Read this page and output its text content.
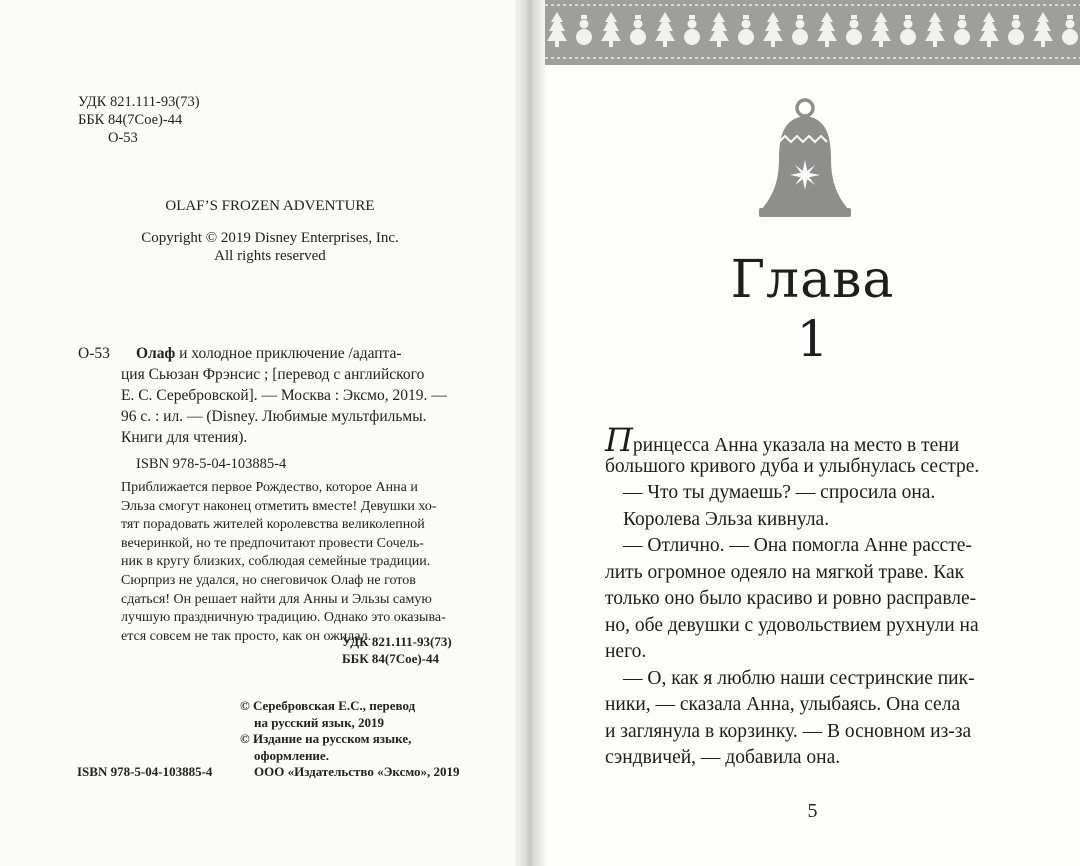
УДК 821.111-93(73)
ББК 84(7Сое)-44
О-53
OLAF’S FROZEN ADVENTURE
Copyright © 2019 Disney Enterprises, Inc.
All rights reserved
О-53 Олаф и холодное приключение /адапта-
ция Сьюзан Фрэнсис ; [перевод с английского
Е. С. Серебровской]. — Москва : Эксмо, 2019. —
96 с. : ил. — (Disney. Любимые мультфильмы.
Книги для чтения).
ISBN 978-5-04-103885-4
Приближается первое Рождество, которое Анна и
Эльза смогут наконец отметить вместе! Девушки хо-
тят порадовать жителей королевства великолепной
вечеринкой, но те предпочитают провести Сочель-
ник в кругу близких, соблюдая семейные традиции.
Сюрприз не удался, но снеговичок Олаф не готов
сдаться! Он решает найти для Анны и Эльзы самую
лучшую праздничную традицию. Однако это оказыва-
ется совсем не так просто, как он ожидал.
УДК 821.111-93(73)
ББК 84(7Сое)-44
© Серебровская Е.С., перевод
на русский язык, 2019
© Издание на русском языке,
оформление.
ООО «Издательство «Эксмо», 2019
ISBN 978-5-04-103885-4
Глава
1
Принцесса Анна указала на место в тени
большого кривого дуба и улыбнулась сестре.
— Что ты думаешь? — спросила она.
Королева Эльза кивнула.
— Отлично. — Она помогла Анне рассте-
лить огромное одеяло на мягкой траве. Как
только оно было красиво и ровно расправле-
но, обе девушки с удовольствием рухнули на
него.
— О, как я люблю наши сестринские пик-
ники, — сказала Анна, улыбаясь. Она села
и заглянула в корзинку. — В основном из-за
сэндвичей, — добавила она.
5
